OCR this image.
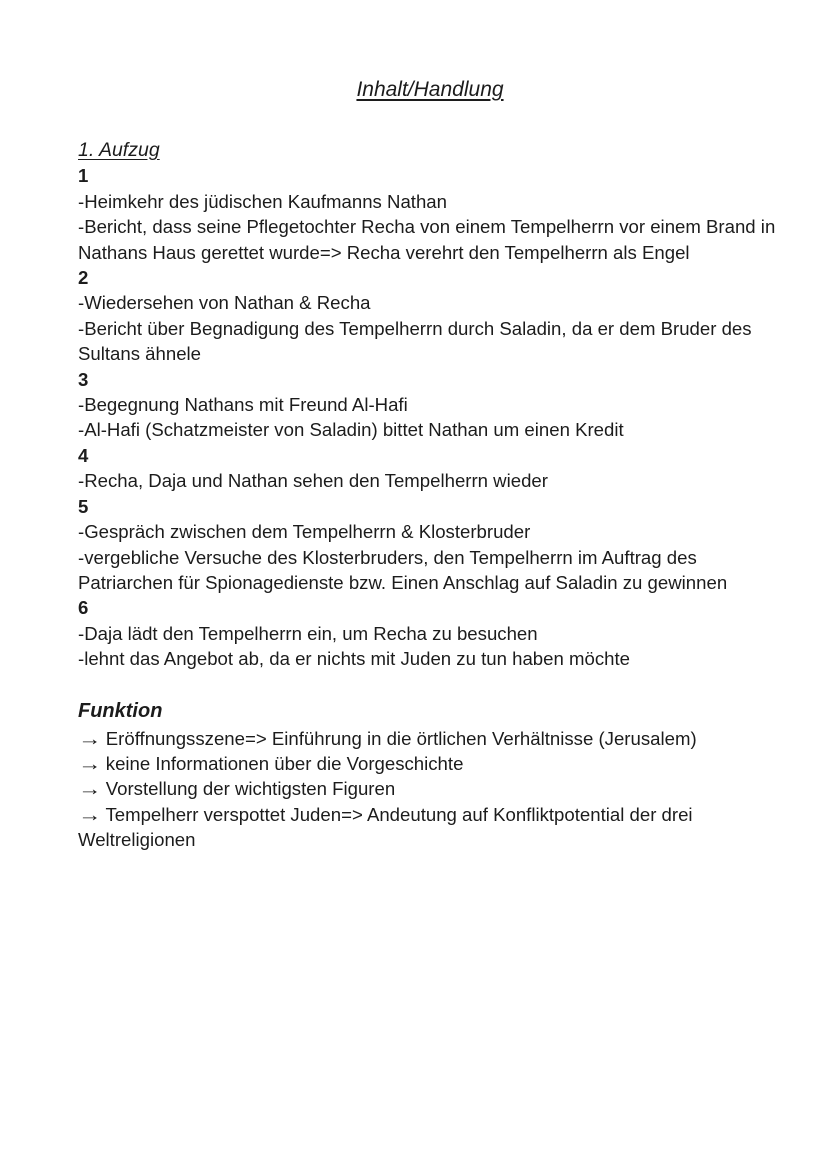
Inhalt/Handlung
1. Aufzug
1

-Heimkehr des jüdischen Kaufmanns Nathan

-Bericht, dass seine Pflegetochter Recha von einem Tempelherrn vor einem Brand in Nathans Haus gerettet wurde=> Recha verehrt den Tempelherrn als Engel

2

-Wiedersehen von Nathan & Recha

-Bericht über Begnadigung des Tempelherrn durch Saladin, da er dem Bruder des Sultans ähnele

3

-Begegnung Nathans mit Freund Al-Hafi

-Al-Hafi (Schatzmeister von Saladin) bittet Nathan um einen Kredit

4

-Recha, Daja und Nathan sehen den Tempelherrn wieder

5

-Gespräch zwischen dem Tempelherrn & Klosterbruder

-vergebliche Versuche des Klosterbruders, den Tempelherrn im Auftrag des Patriarchen für Spionagedienste bzw. Einen Anschlag auf Saladin zu gewinnen

6

-Daja lädt den Tempelherrn ein, um Recha zu besuchen

-lehnt das Angebot ab, da er nichts mit Juden zu tun haben möchte

Funktion

→ Eröffnungsszene=> Einführung in die örtlichen Verhältnisse (Jerusalem)

→ keine Informationen über die Vorgeschichte

→ Vorstellung der wichtigsten Figuren

→ Tempelherr verspottet Juden=> Andeutung auf Konfliktpotential der drei Weltreligionen
